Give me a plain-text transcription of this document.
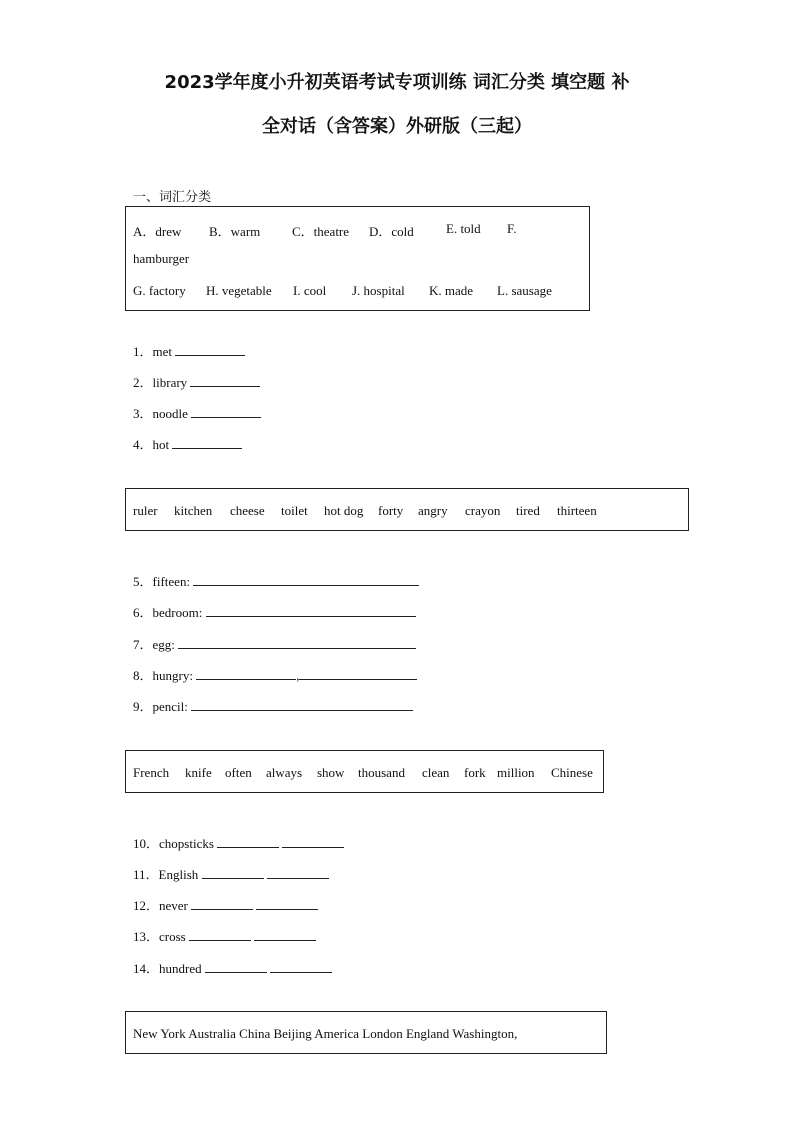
2023学年度小升初英语考试专项训练 词汇分类 填空题 补
全对话（含答案）外研版（三起）
一、词汇分类
A．drew B．warm C．theatre D．cold E. told F.
hamburger
G. factory H. vegetable I. cool J. hospital K. made L. sausage
1．met
2．library
3．noodle
4．hot
ruler kitchen cheese toilet hot dog forty angry crayon tired thirteen
5．fifteen:
6．bedroom:
7．egg:
8．hungry:	,
9．pencil:
French knife often always show thousand clean fork million Chinese
10．chopsticks
11．English
12．never
13．cross
14．hundred
New York Australia China Beijing America London England Washington,
